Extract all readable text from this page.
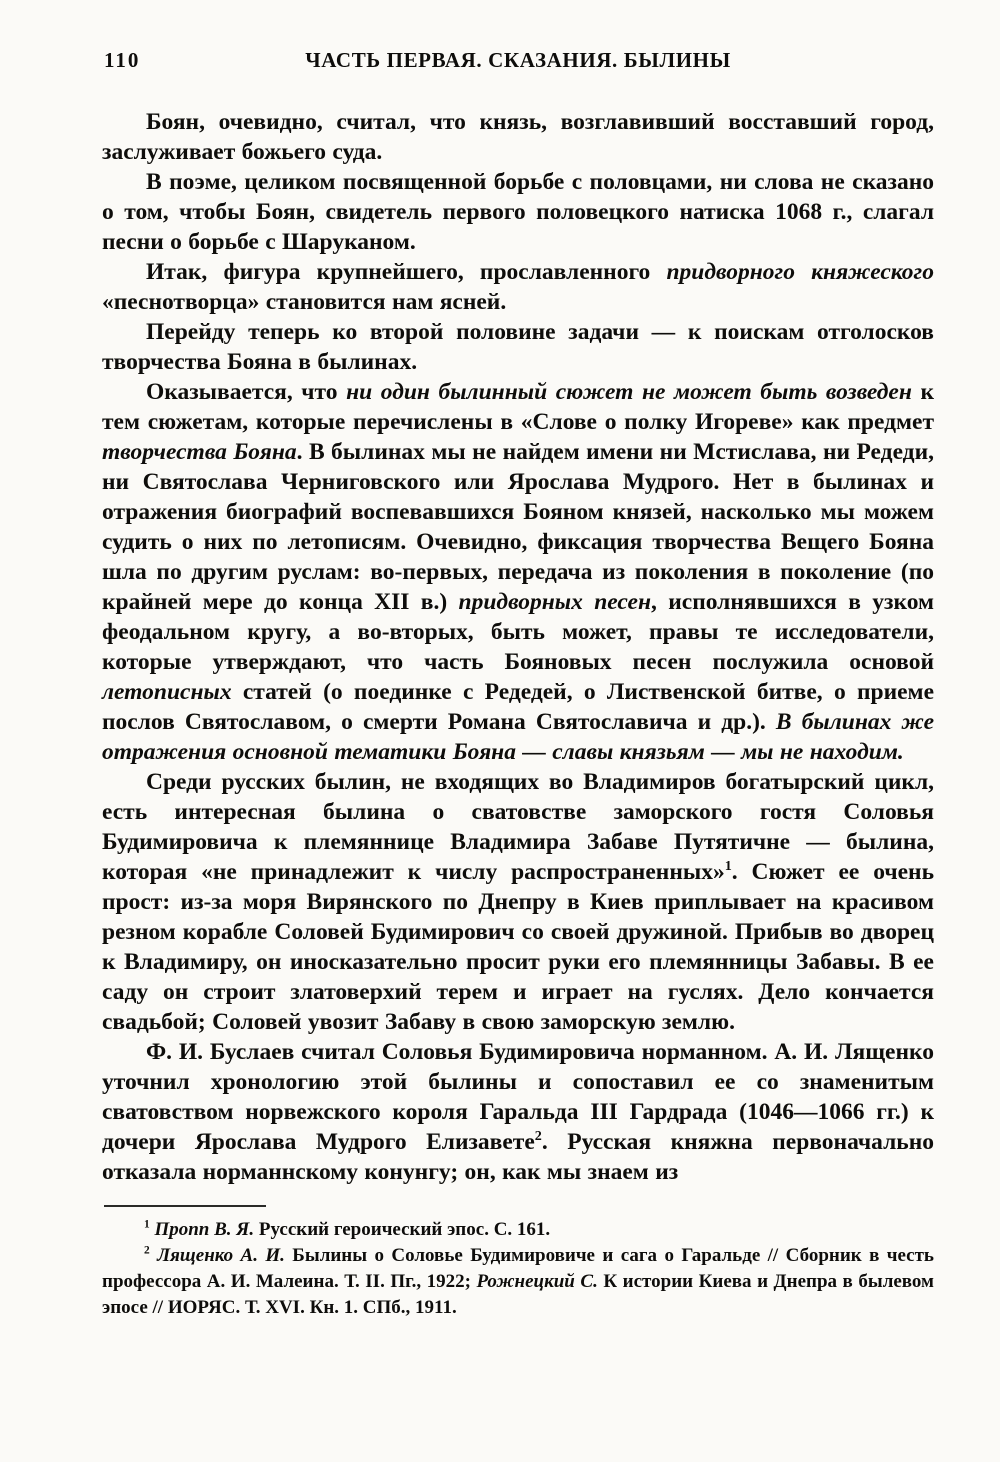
110	ЧАСТЬ ПЕРВАЯ. СКАЗАНИЯ. БЫЛИНЫ

Боян, очевидно, считал, что князь, возглавивший восставший город, заслуживает божьего суда.

В поэме, целиком посвященной борьбе с половцами, ни слова не сказано о том, чтобы Боян, свидетель первого половецкого натиска 1068 г., слагал песни о борьбе с Шаруканом.

Итак, фигура крупнейшего, прославленного придворного княжеского «песнотворца» становится нам ясней.

Перейду теперь ко второй половине задачи — к поискам отголосков творчества Бояна в былинах.

Оказывается, что ни один былинный сюжет не может быть возведен к тем сюжетам, которые перечислены в «Слове о полку Игореве» как предмет творчества Бояна. В былинах мы не найдем имени ни Мстислава, ни Редеди, ни Святослава Черниговского или Ярослава Мудрого. Нет в былинах и отражения биографий воспевавшихся Бояном князей, насколько мы можем судить о них по летописям. Очевидно, фиксация творчества Вещего Бояна шла по другим руслам: во-первых, передача из поколения в поколение (по крайней мере до конца XII в.) придворных песен, исполнявшихся в узком феодальном кругу, а во-вторых, быть может, правы те исследователи, которые утверждают, что часть Бояновых песен послужила основой летописных статей (о поединке с Редедей, о Лиственской битве, о приеме послов Святославом, о смерти Романа Святославича и др.). В былинах же отражения основной тематики Бояна — славы князьям — мы не находим.

Среди русских былин, не входящих во Владимиров богатырский цикл, есть интересная былина о сватовстве заморского гостя Соловья Будимировича к племяннице Владимира Забаве Путятичне — былина, которая «не принадлежит к числу распространенных»$^1$. Сюжет ее очень прост: из-за моря Вирянского по Днепру в Киев приплывает на красивом резном корабле Соловей Будимирович со своей дружиной. Прибыв во дворец к Владимиру, он иносказательно просит руки его племянницы Забавы. В ее саду он строит златоверхий терем и играет на гуслях. Дело кончается свадьбой; Соловей увозит Забаву в свою заморскую землю.

Ф. И. Буслаев считал Соловья Будимировича норманном. А. И. Лященко уточнил хронологию этой былины и сопоставил ее со знаменитым сватовством норвежского короля Гаральда III Гардрада (1046—1066 гг.) к дочери Ярослава Мудрого Елизавете$^2$. Русская княжна первоначально отказала норманнскому конунгу; он, как мы знаем из

$^1$ Пропп В. Я. Русский героический эпос. С. 161.

$^2$ Лященко А. И. Былины о Соловье Будимировиче и сага о Гаральде // Сборник в честь профессора А. И. Малеина. Т. II. Пг., 1922; Рожнецкий С. К истории Киева и Днепра в былевом эпосе // ИОРЯС. Т. XVI. Кн. 1. СПб., 1911.
